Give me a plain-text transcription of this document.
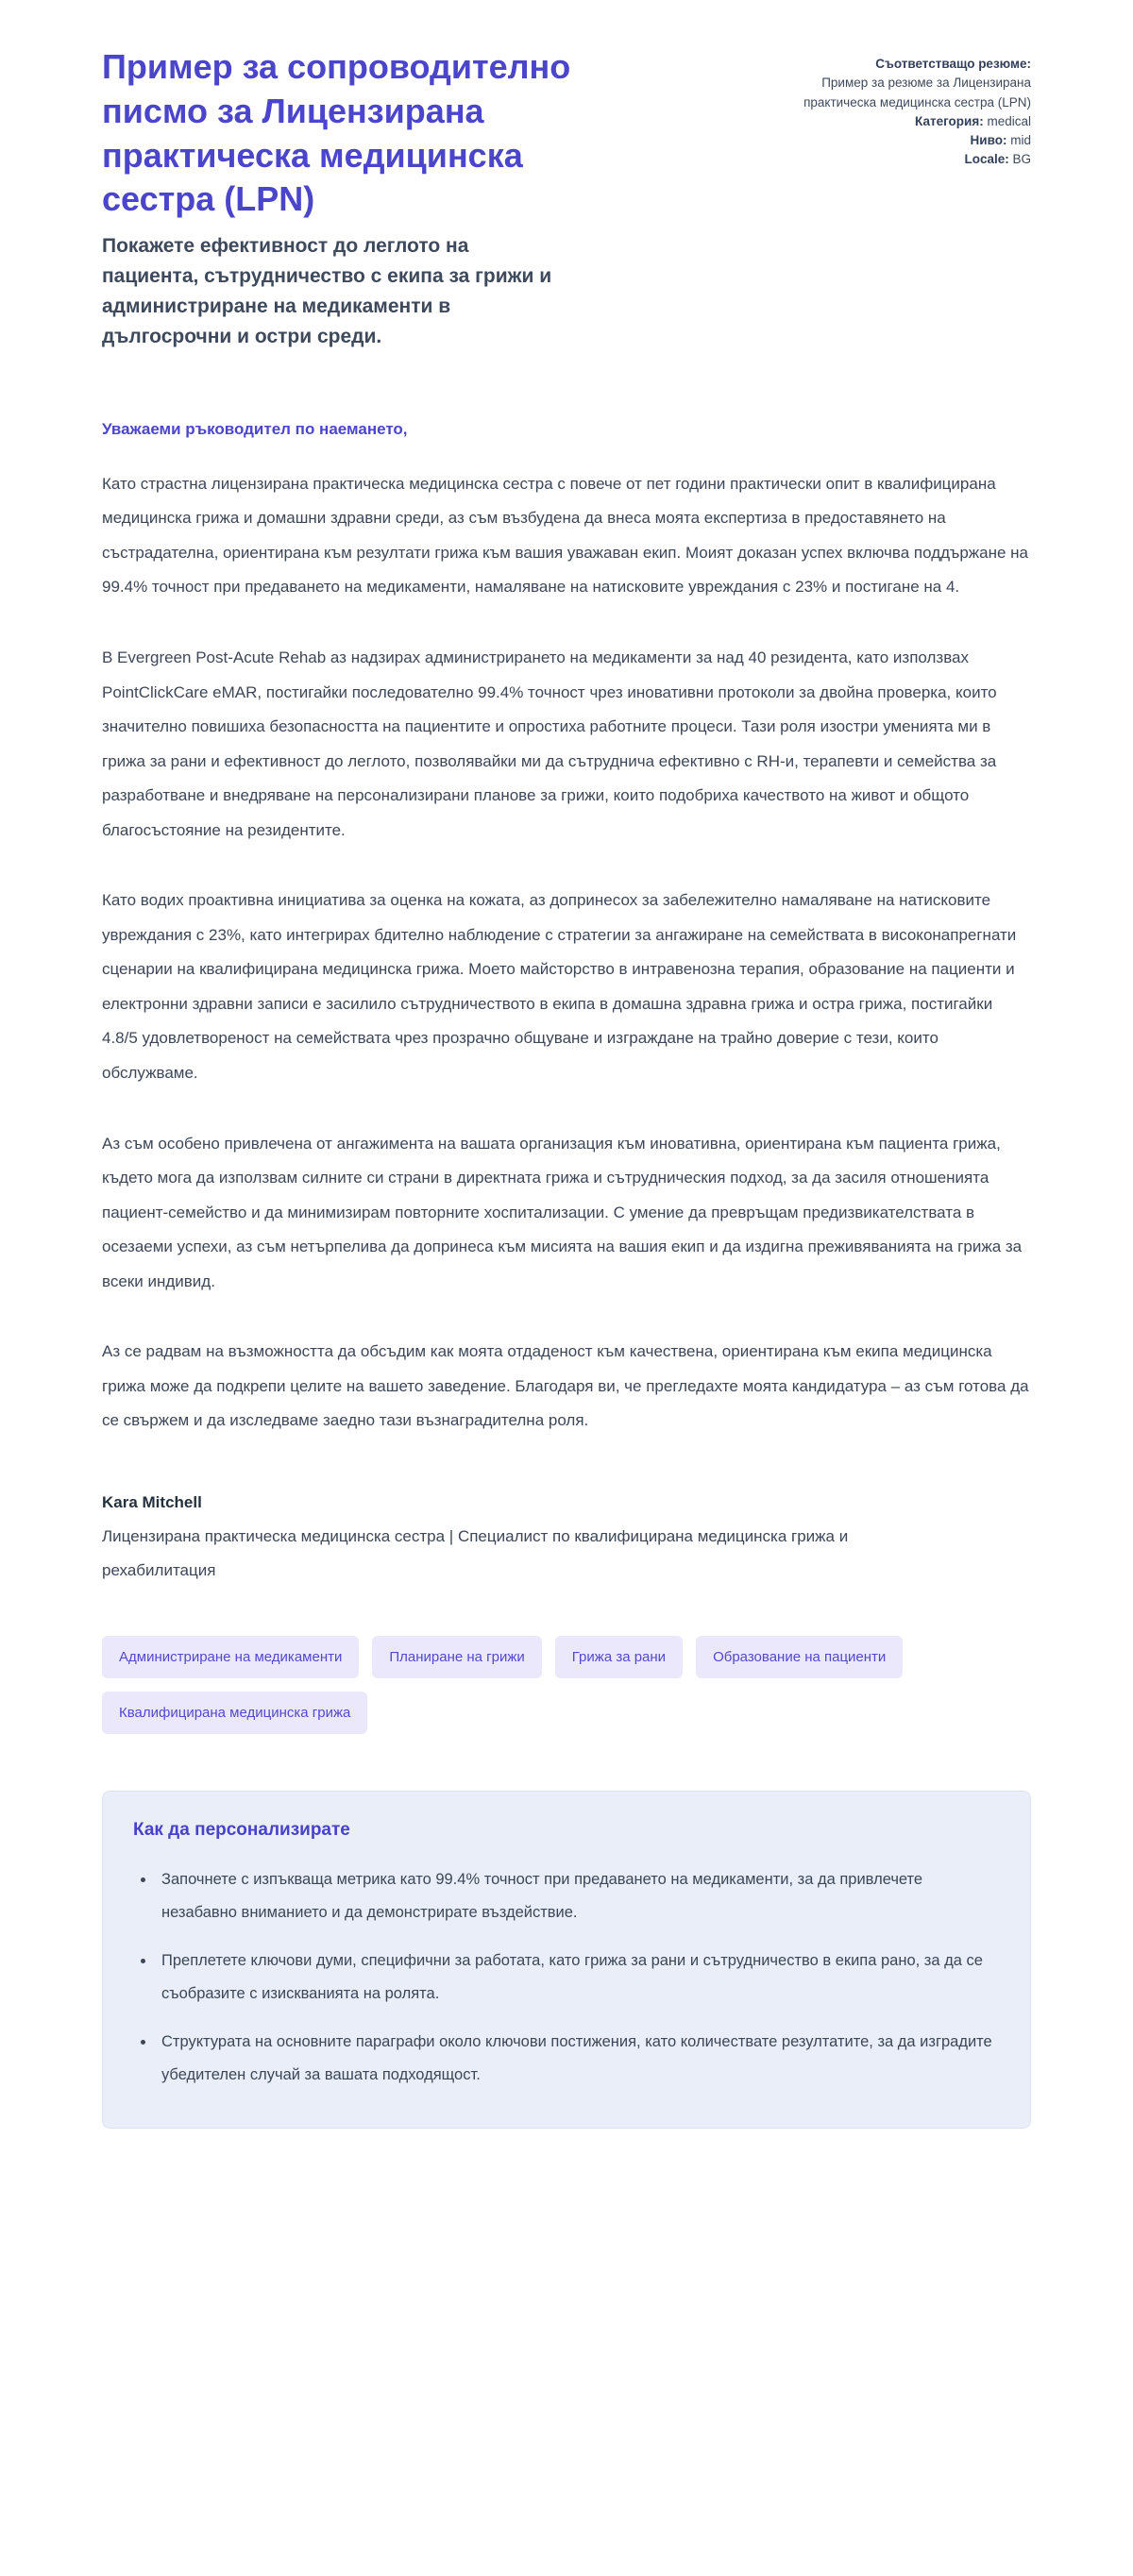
Пример за сопроводително писмо за Лицензирана практическа медицинска сестра (LPN)

Покажете ефективност до леглото на пациента, сътрудничество с екипа за грижи и администриране на медикаменти в дългосрочни и остри среди.

Съответстващо резюме:

Пример за резюме за Лицензирана практическа медицинска сестра (LPN)

Категория: medical

Ниво: mid

Locale: BG

Уважаеми ръководител по наемането,

Като страстна лицензирана практическа медицинска сестра с повече от пет години практически опит в квалифицирана медицинска грижа и домашни здравни среди, аз съм възбудена да внеса моята експертиза в предоставянето на състрадателна, ориентирана към резултати грижа към вашия уважаван екип. Моият доказан успех включва поддържане на 99.4% точност при предаването на медикаменти, намаляване на натисковите увреждания с 23% и постигане на 4.

В Evergreen Post-Acute Rehab аз надзирах администрирането на медикаменти за над 40 резидента, като използвах PointClickCare eMAR, постигайки последователно 99.4% точност чрез иновативни протоколи за двойна проверка, които значително повишиха безопасността на пациентите и опростиха работните процеси. Тази роля изостри уменията ми в грижа за рани и ефективност до леглото, позволявайки ми да сътруднича ефективно с RH-и, терапевти и семейства за разработване и внедряване на персонализирани планове за грижи, които подобриха качеството на живот и общото благосъстояние на резидентите.

Като водих проактивна инициатива за оценка на кожата, аз допринесох за забележително намаляване на натисковите увреждания с 23%, като интегрирах бдително наблюдение с стратегии за ангажиране на семействата в високонапрегнати сценарии на квалифицирана медицинска грижа. Моето майсторство в интравенозна терапия, образование на пациенти и електронни здравни записи е засилило сътрудничеството в екипа в домашна здравна грижа и остра грижа, постигайки 4.8/5 удовлетвореност на семействата чрез прозрачно общуване и изграждане на трайно доверие с тези, които обслужваме.

Аз съм особено привлечена от ангажимента на вашата организация към иновативна, ориентирана към пациента грижа, където мога да използвам силните си страни в директната грижа и сътрудническия подход, за да засиля отношенията пациент-семейство и да минимизирам повторните хоспитализации. С умение да превръщам предизвикателствата в осезаеми успехи, аз съм нетърпелива да допринеса към мисията на вашия екип и да издигна преживяванията на грижа за всеки индивид.

Аз се радвам на възможността да обсъдим как моята отдаденост към качествена, ориентирана към екипа медицинска грижа може да подкрепи целите на вашето заведение. Благодаря ви, че прегледахте моята кандидатура – аз съм готова да се свържем и да изследваме заедно тази възнаградителна роля.

Kara Mitchell

Лицензирана практическа медицинска сестра | Специалист по квалифицирана медицинска грижа и рехабилитация

Администриране на медикаменти	Планиране на грижи	Грижа за рани	Образование на пациенти
Квалифицирана медицинска грижа

Как да персонализирате

• Започнете с изпъкваща метрика като 99.4% точност при предаването на медикаменти, за да привлечете незабавно вниманието и да демонстрирате въздействие.
• Преплетете ключови думи, специфични за работата, като грижа за рани и сътрудничество в екипа рано, за да се съобразите с изискванията на ролята.
• Структурата на основните параграфи около ключови постижения, като количествате резултатите, за да изградите убедителен случай за вашата подходящост.
